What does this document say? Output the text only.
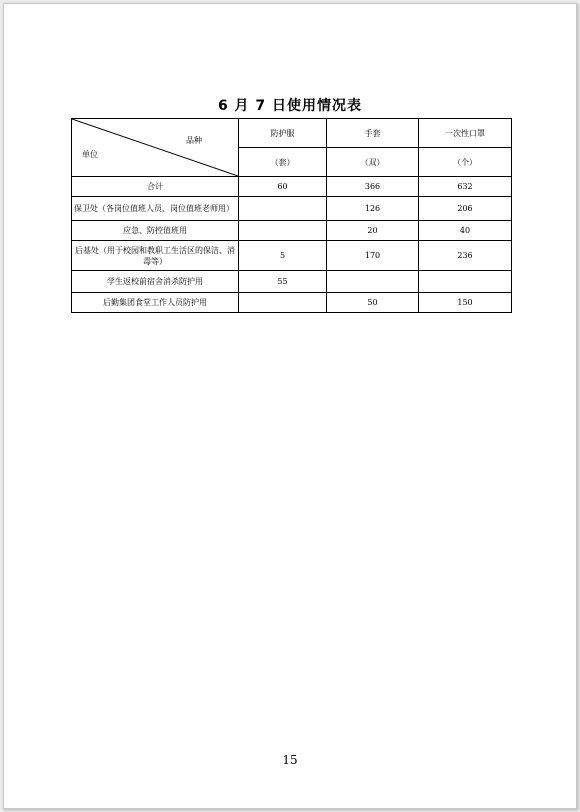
6 月 7 日使用情况表
品种
单位	防护服	手套	一次性口罩
	（套）	（双）	（个）
合计	60	366	632
保卫处（各岗位值班人员、岗位值班老师用）		126	206
应急、防控值班用		20	40
后基处（用于校园和教职工生活区的保洁、消毒等）	5	170	236
学生返校前宿舍消杀防护用	55		
后勤集团食堂工作人员防护用		50	150
15
